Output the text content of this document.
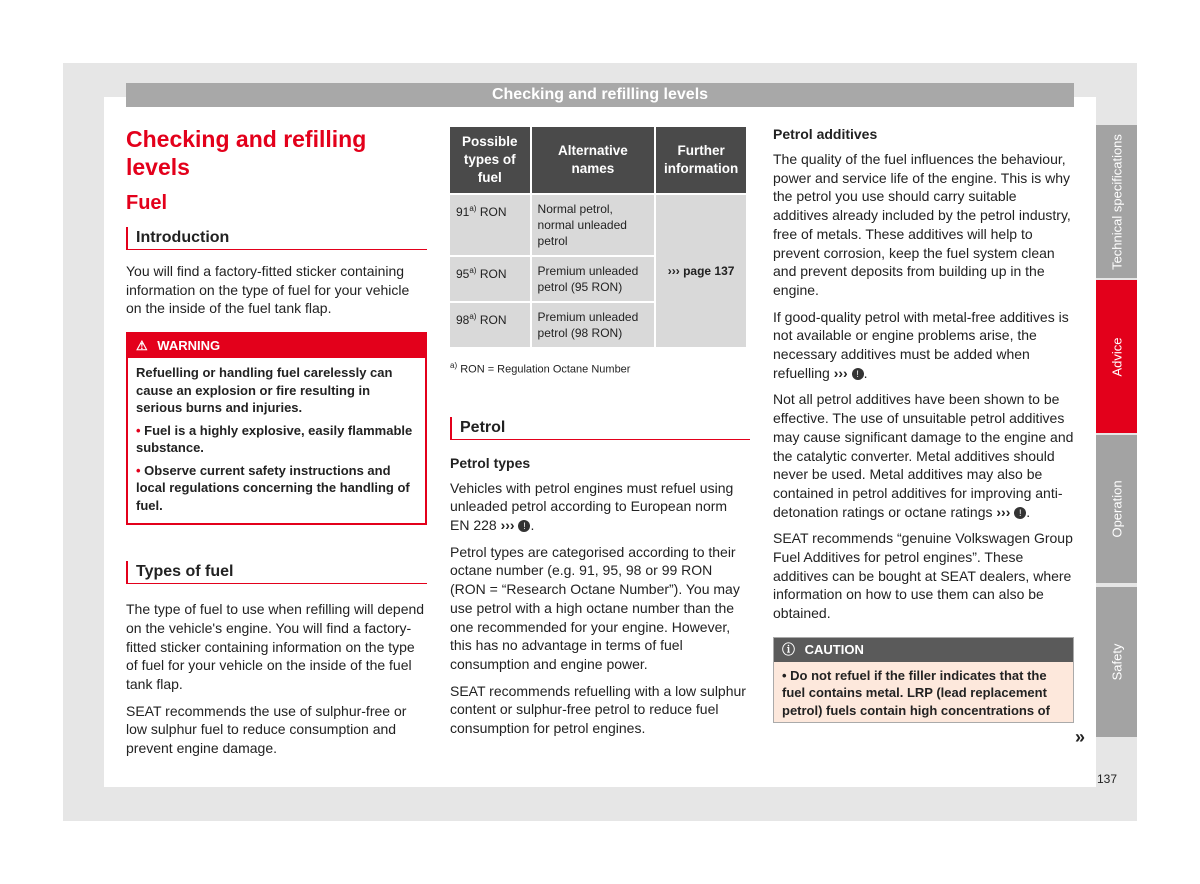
Checking and refilling levels
Checking and refilling levels
Fuel
Introduction

You will find a factory-fitted sticker containing information on the type of fuel for your vehicle on the inside of the fuel tank flap.

⚠ WARNING

Refuelling or handling fuel carelessly can cause an explosion or fire resulting in serious burns and injuries.

• Fuel is a highly explosive, easily flammable substance.

• Observe current safety instructions and local regulations concerning the handling of fuel.

Types of fuel

The type of fuel to use when refilling will depend on the vehicle's engine. You will find a factory-fitted sticker containing information on the type of fuel for your vehicle on the inside of the fuel tank flap.

SEAT recommends the use of sulphur-free or low sulphur fuel to reduce consumption and prevent engine damage.

Possible types of fuel	Alternative names	Further information
91$^{a)}$ RON	Normal petrol, normal unleaded petrol	››› page 137
95$^{a)}$ RON	Premium unleaded petrol (95 RON)	
98$^{a)}$ RON	Premium unleaded petrol (98 RON)	
$^{a)}$ RON = Regulation Octane Number
Petrol
Petrol types

Vehicles with petrol engines must refuel using unleaded petrol according to European norm EN 228 ››› ! .

Petrol types are categorised according to their octane number (e.g. 91, 95, 98 or 99 RON (RON = “Research Octane Number”). You may use petrol with a high octane number than the one recommended for your engine. However, this has no advantage in terms of fuel consumption and engine power.

SEAT recommends refuelling with a low sulphur content or sulphur-free petrol to reduce fuel consumption for petrol engines.

Petrol additives

The quality of the fuel influences the behaviour, power and service life of the engine. This is why the petrol you use should carry suitable additives already included by the petrol industry, free of metals. These additives will help to prevent corrosion, keep the fuel system clean and prevent deposits from building up in the engine.

If good-quality petrol with metal-free additives is not available or engine problems arise, the necessary additives must be added when refuelling ››› ! .

Not all petrol additives have been shown to be effective. The use of unsuitable petrol additives may cause significant damage to the engine and the catalytic converter. Metal additives should never be used. Metal additives may also be contained in petrol additives for improving anti-detonation ratings or octane ratings ››› ! .

SEAT recommends “genuine Volkswagen Group Fuel Additives for petrol engines”. These additives can be bought at SEAT dealers, where information on how to use them can also be obtained.

ⓘ CAUTION

• Do not refuel if the filler indicates that the fuel contains metal. LRP (lead replacement petrol) fuels contain high concentrations of

»
Technical specifications
Advice
Operation
Safety
137
